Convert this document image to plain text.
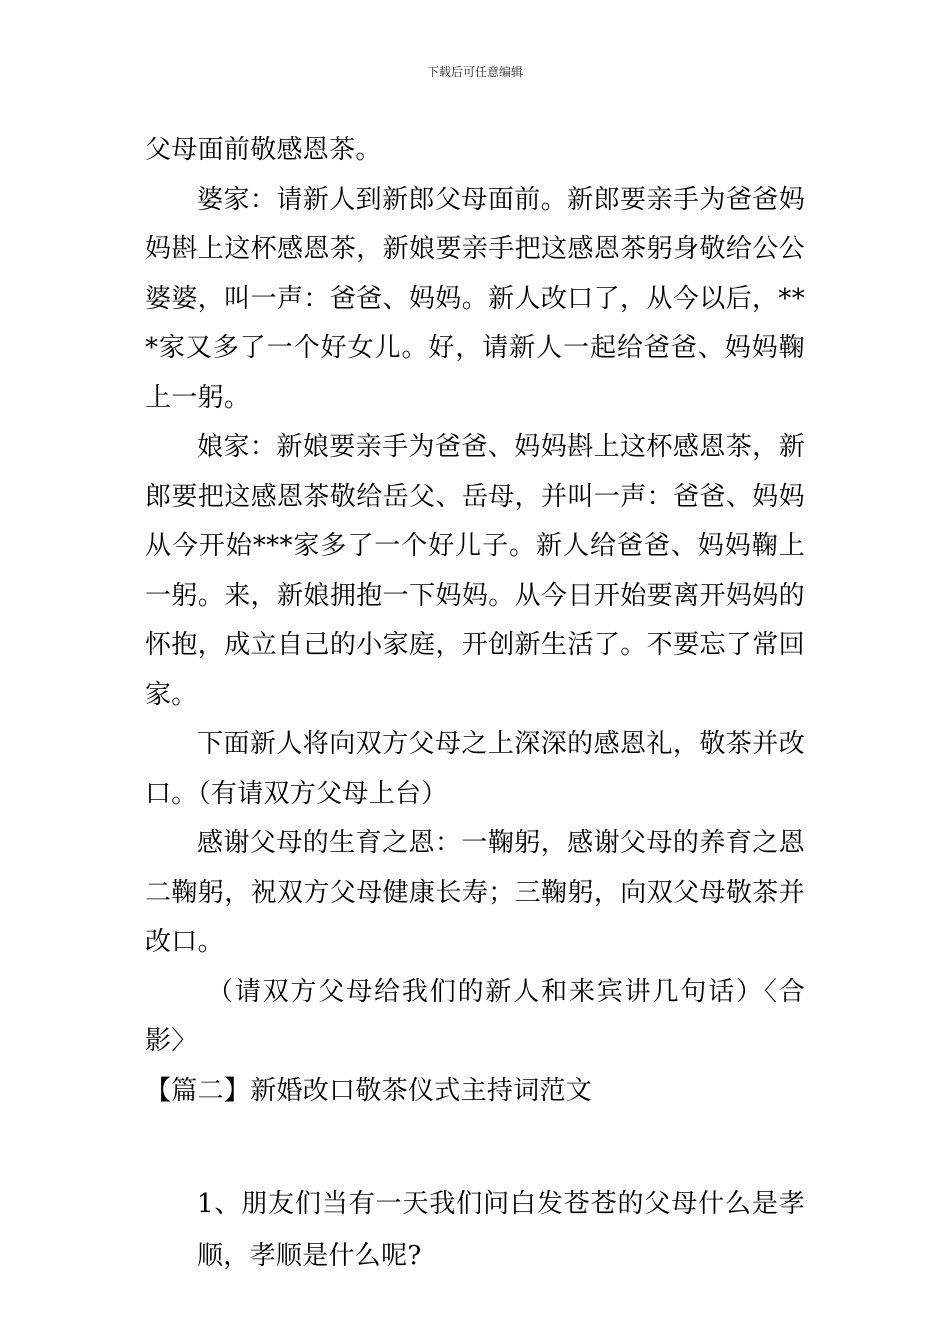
下载后可任意编辑

父母面前敬感恩茶。

婆家：请新人到新郎父母面前。新郎要亲手为爸爸妈妈斟上这杯感恩茶，新娘要亲手把这感恩茶躬身敬给公公婆婆，叫一声：爸爸、妈妈。新人改口了，从今以后，***家又多了一个好女儿。好，请新人一起给爸爸、妈妈鞠上一躬。

娘家：新娘要亲手为爸爸、妈妈斟上这杯感恩茶，新郎要把这感恩茶敬给岳父、岳母，并叫一声：爸爸、妈妈从今开始***家多了一个好儿子。新人给爸爸、妈妈鞠上一躬。来，新娘拥抱一下妈妈。从今日开始要离开妈妈的怀抱，成立自己的小家庭，开创新生活了。不要忘了常回家。

下面新人将向双方父母之上深深的感恩礼，敬茶并改口。（有请双方父母上台）

感谢父母的生育之恩：一鞠躬，感谢父母的养育之恩二鞠躬，祝双方父母健康长寿；三鞠躬，向双父母敬茶并改口。

（请双方父母给我们的新人和来宾讲几句话）〈合影〉

【篇二】新婚改口敬茶仪式主持词范文

1、朋友们当有一天我们问白发苍苍的父母什么是孝顺，孝顺是什么呢?
